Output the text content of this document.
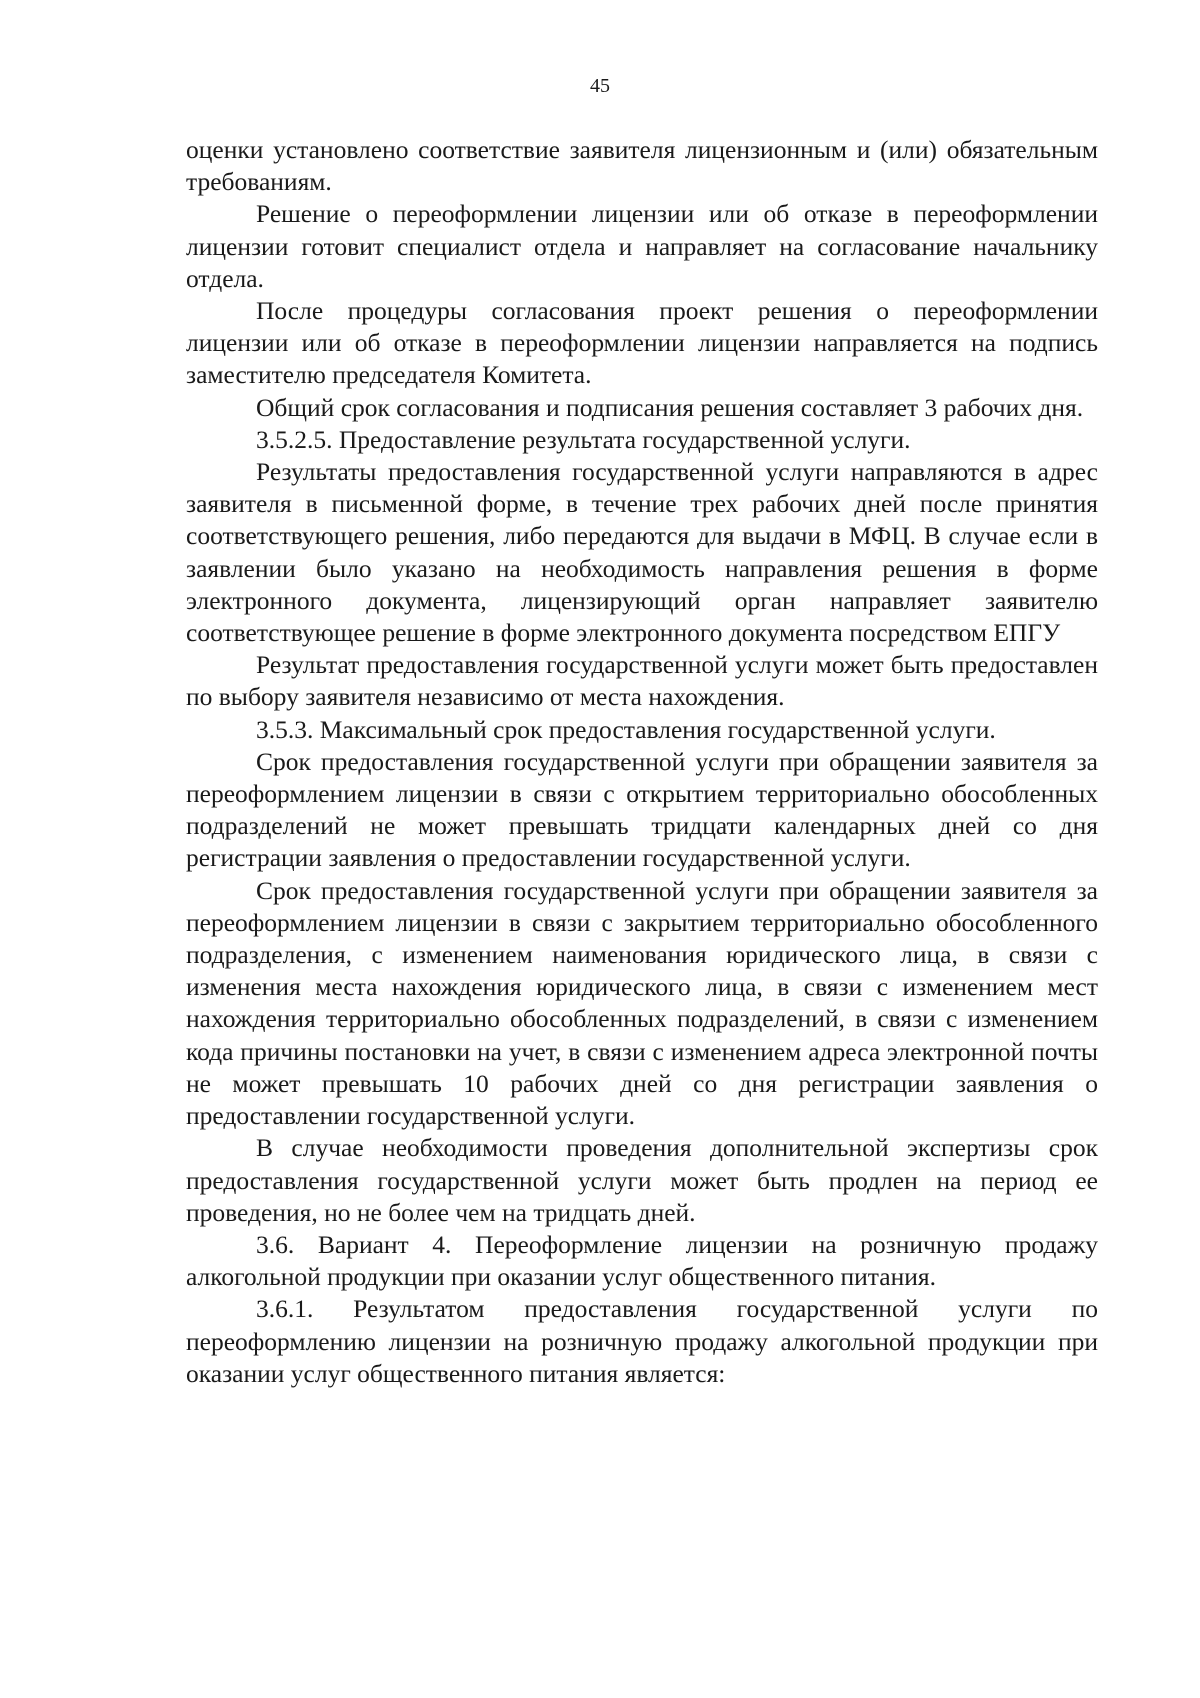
45

оценки установлено соответствие заявителя лицензионным и (или) обязательным требованиям.

Решение о переоформлении лицензии или об отказе в переоформлении лицензии готовит специалист отдела и направляет на согласование начальнику отдела.

После процедуры согласования проект решения о переоформлении лицензии или об отказе в переоформлении лицензии направляется на подпись заместителю председателя Комитета.

Общий срок согласования и подписания решения составляет 3 рабочих дня.

3.5.2.5. Предоставление результата государственной услуги.

Результаты предоставления государственной услуги направляются в адрес заявителя в письменной форме, в течение трех рабочих дней после принятия соответствующего решения, либо передаются для выдачи в МФЦ. В случае если в заявлении было указано на необходимость направления решения в форме электронного документа, лицензирующий орган направляет заявителю соответствующее решение в форме электронного документа посредством ЕПГУ

Результат предоставления государственной услуги может быть предоставлен по выбору заявителя независимо от места нахождения.

3.5.3. Максимальный срок предоставления государственной услуги.

Срок предоставления государственной услуги при обращении заявителя за переоформлением лицензии в связи с открытием территориально обособленных подразделений не может превышать тридцати календарных дней со дня регистрации заявления о предоставлении государственной услуги.

Срок предоставления государственной услуги при обращении заявителя за переоформлением лицензии в связи с закрытием территориально обособленного подразделения, с изменением наименования юридического лица, в связи с изменения места нахождения юридического лица, в связи с изменением мест нахождения территориально обособленных подразделений, в связи с изменением кода причины постановки на учет, в связи с изменением адреса электронной почты не может превышать 10 рабочих дней со дня регистрации заявления о предоставлении государственной услуги.

В случае необходимости проведения дополнительной экспертизы срок предоставления государственной услуги может быть продлен на период ее проведения, но не более чем на тридцать дней.

3.6. Вариант 4. Переоформление лицензии на розничную продажу алкогольной продукции при оказании услуг общественного питания.

3.6.1. Результатом предоставления государственной услуги по переоформлению лицензии на розничную продажу алкогольной продукции при оказании услуг общественного питания является:
